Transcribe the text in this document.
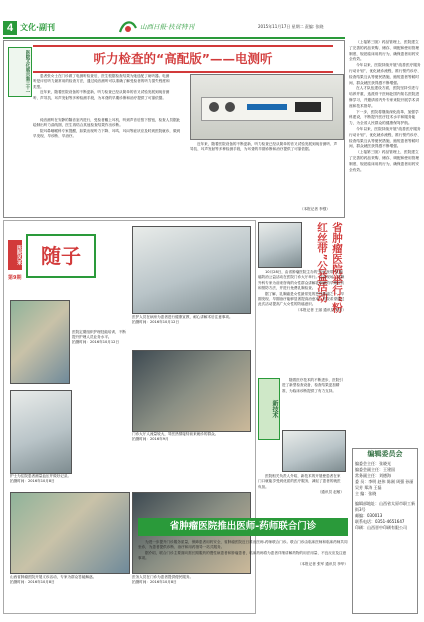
4 文化·副刊	山西日报·扶贫特刊	2015年11月17日 星期二 责编: 张晓
医院文化展示第三十一	听力检查的“高配版”——电测听

患者张女士在门诊做了电测听检查后，医生根据检查结果为她选配了助听器。电测听是评估听力最常用的检查方法，通过纯音测听可以准确了解受检者的听力损失程度和类型。

近年来，随着医院设备的不断更新，听力检查已经从简单的音叉试验发展到纯音测听、声导抗、耳声发射等多种检测手段，为耳聋的早期诊断和治疗提供了可靠依据。

纯音测听在安静的隔音室内进行，受检者戴上耳机，听到声音后按下按钮，检查人员据此绘制出听力曲线图，医生再结合其他检查结果作出诊断。

院耳鼻咽喉科专家提醒，如果出现听力下降、耳鸣、耳闷等症状应及时到医院就诊，做到早发现、早诊断、早治疗。

近年来，随着医院设备的不断更新，听力检查已经从简单的音叉试验发展到纯音测听、声导抗、耳声发射等多种检测手段，为耳聋的早期诊断和治疗提供了可靠依据。

（本报记者 李强）

（上接第三版）药品管理上，医院建立了完善的药品采购、储存、调配和使用管理制度，规范临床用药行为，确保患者用药安全有效。

今年以来，医院持续开展“改善医疗服务行动计划”，优化就诊流程，推行预约诊疗、检查结果互认等便民措施，缩短患者等候时间，群众就医获得感不断增强。

在人才队伍建设方面，医院坚持引进与培养并重，选派骨干医师赴国内知名医院进修学习，并邀请省内外专家来院开展学术讲座和技术指导。

下一步，医院将继续深化改革，加强学科建设，不断提升医疗技术水平和服务能力，为全省人民群众的健康保驾护航。

今年以来，医院持续开展“改善医疗服务行动计划”，优化就诊流程，推行预约诊疗、检查结果互认等便民措施，缩短患者等候时间，群众就医获得感不断增强。

（上接第三版）药品管理上，医院建立了完善的药品采购、储存、调配和使用管理制度，规范临床用药行为，确保患者用药安全有效。

医院风采 随子
第9期
医护人员在病房为患者进行健康宣教，耐心讲解术后注意事项。
拍摄时间：2016年10月12日
医院定期组织护理技能培训，不断提升护理人员业务水平。
拍摄时间：2016年10月12日
护士为住院患者测量血压并做好记录。
拍摄时间：2016年10月8日
门诊大厅人流量较大，导医热情接待前来就诊的群众。
拍摄时间：2016年9月
山西省肿瘤医院开展义诊活动，专家为群众答疑解惑。
拍摄时间：2016年10月8日
医务人员在门诊为患者提供便民服务。
拍摄时间：2016年10月8日
省肿瘤医院举行“粉红丝带”公益活动

10月28日，由省肿瘤医院主办的“粉红丝带”乳腺癌防治公益活动在医院门诊大厅举行。活动现场，乳腺外科专家为前来咨询的女性群众讲解乳腺癌的早期症状和预防方法，并进行免费乳腺检查。

据了解，乳腺癌是女性最常见的恶性肿瘤之一，早期发现、早期治疗能够显著提高治愈率。医院希望通过此次活动提高广大女性的防癌意识。

（本报记者 王丽 通讯员 刘芳）
新技术

随着医疗技术的不断进步，医院引进了新型检查设备，检查结果更加精准，为临床诊断提供了有力支持。

医院相关负责人介绍，新技术的开展使患者在家门口就能享受到优质的医疗服务，减轻了患者的就医负担。

（通讯员 赵敏）
省肿瘤医院推出医师-药师联合门诊

为进一步提升门诊服务质量，保障患者用药安全，省肿瘤医院近日推出医师-药师联合门诊。联合门诊由临床医师和临床药师共同坐诊，为患者提供诊断、治疗和用药指导一站式服务。

据介绍，联合门诊主要面向需长期服药的慢性病患者和肿瘤患者，临床药师将为患者详细讲解药物的用法用量、不良反应及注意事项。

（本报记者 张军 通讯员 李华）
编辑委员会
编委会主任：张晓光
编委会副主任：王建国
常务副主任：刘德海
委 员：李明 赵伟 陈刚 周强 孙丽 吴芳 郑涛 王磊
主 编：张晓
编辑部地址：山西省太原市职工新街3号
邮编：030013
联系电话：0351-4651647
印刷：山西晋中印刷有限公司
